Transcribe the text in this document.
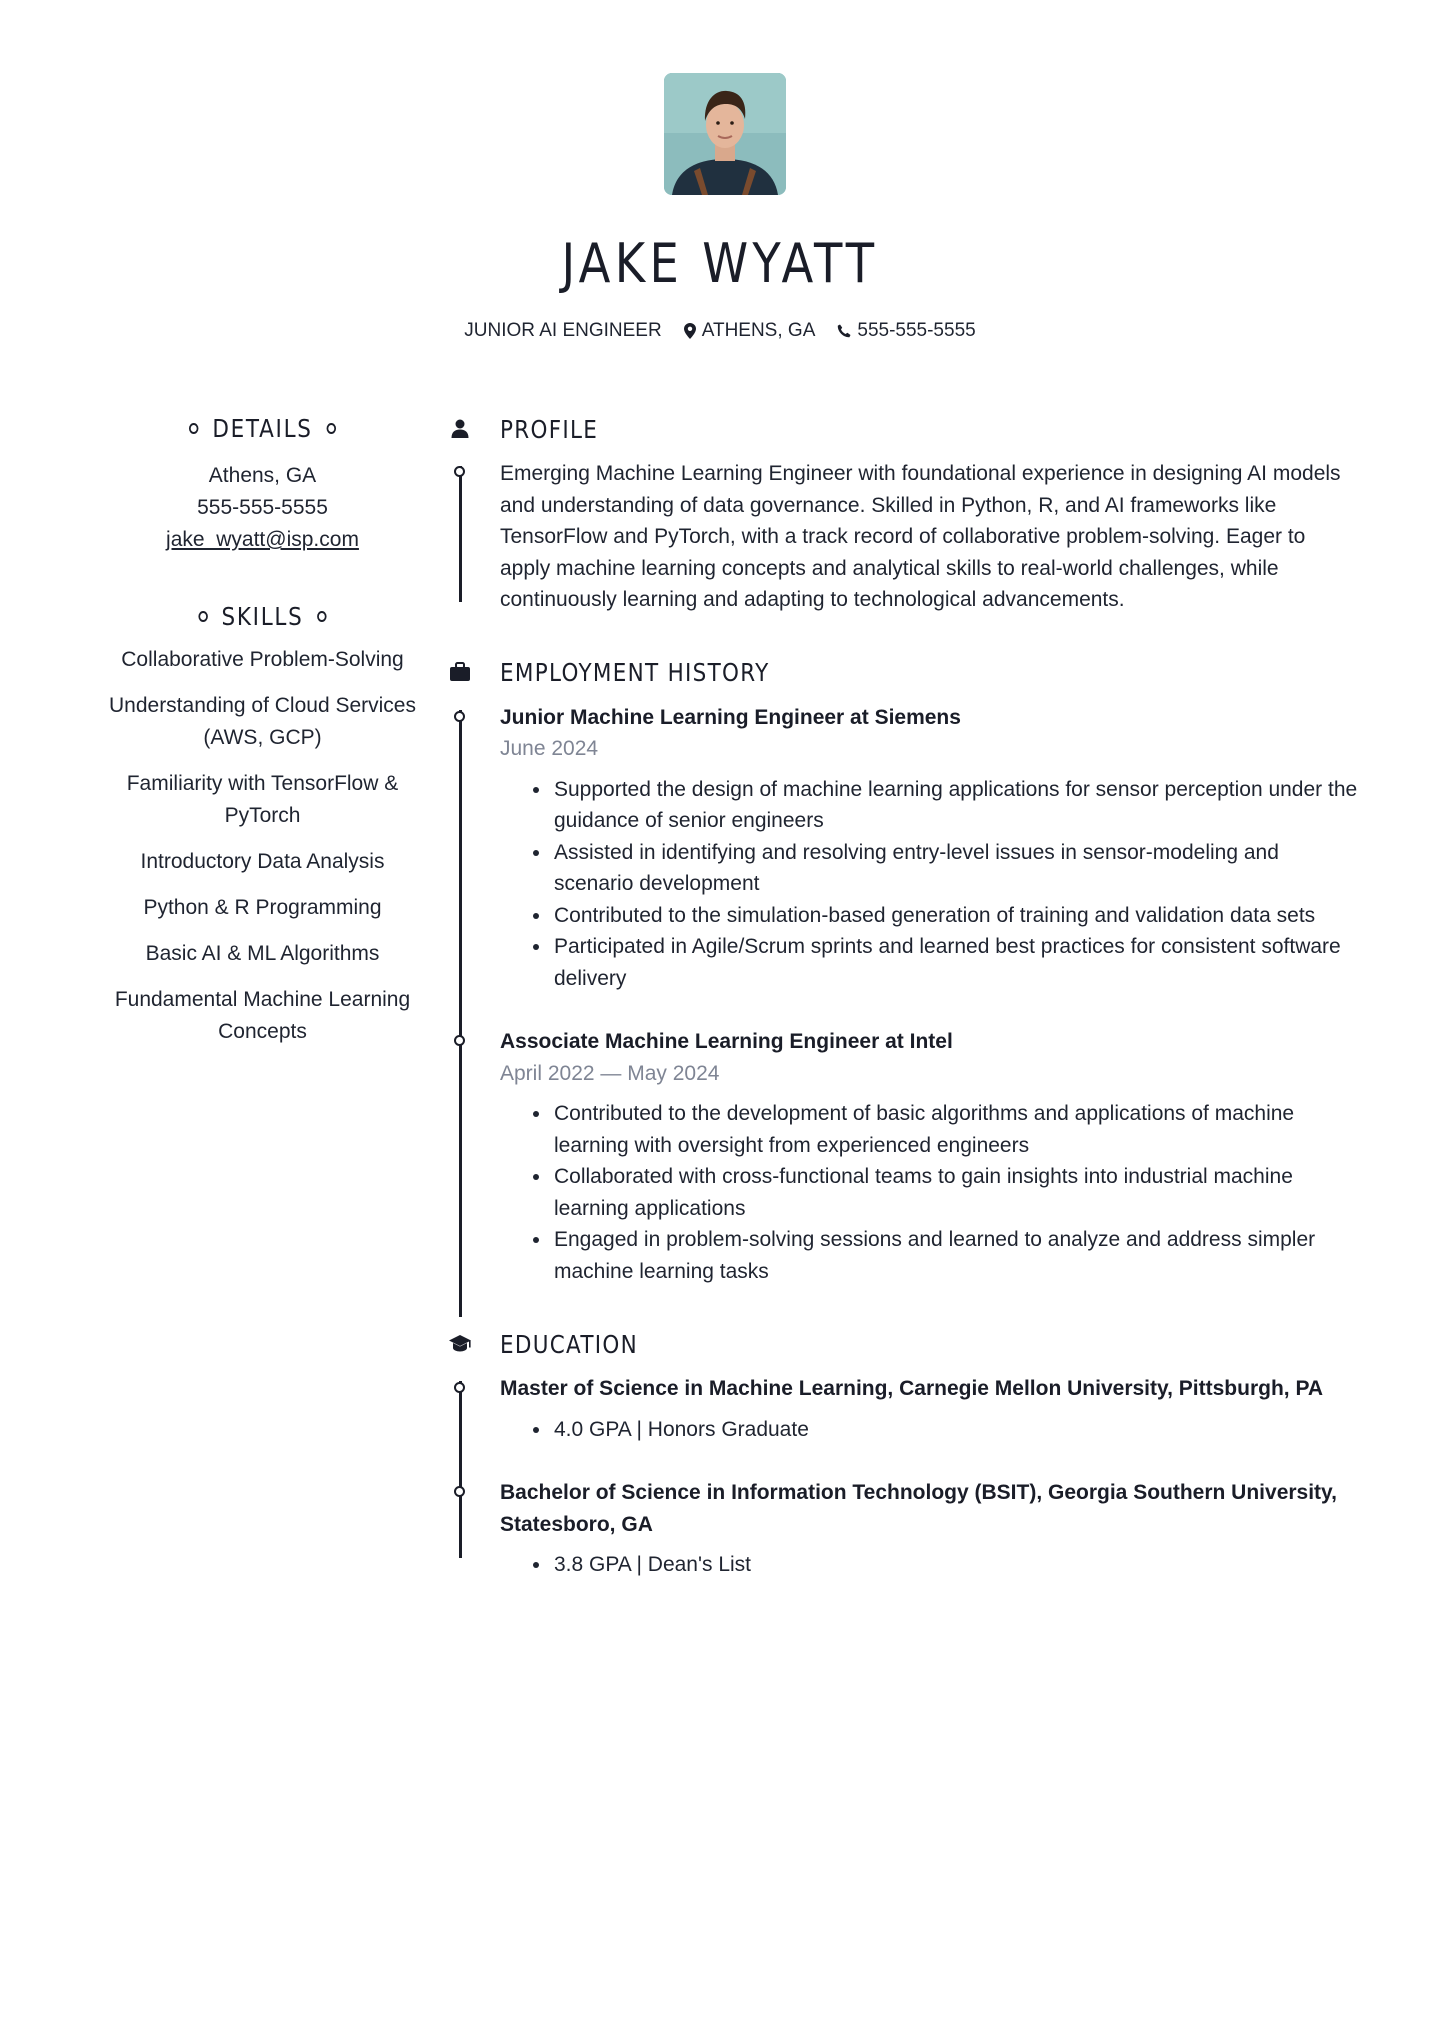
JAKE WYATT
JUNIOR AI ENGINEER ATHENS, GA 555-555-5555
DETAILS
Athens, GA
555-555-5555
jake_wyatt@isp.com
SKILLS
Collaborative Problem-Solving
Understanding of Cloud Services (AWS, GCP)
Familiarity with TensorFlow & PyTorch
Introductory Data Analysis
Python & R Programming
Basic AI & ML Algorithms
Fundamental Machine Learning Concepts
PROFILE

Emerging Machine Learning Engineer with foundational experience in designing AI models and understanding of data governance. Skilled in Python, R, and AI frameworks like TensorFlow and PyTorch, with a track record of collaborative problem-solving. Eager to apply machine learning concepts and analytical skills to real-world challenges, while continuously learning and adapting to technological advancements.

EMPLOYMENT HISTORY
Junior Machine Learning Engineer at Siemens
June 2024
• Supported the design of machine learning applications for sensor perception under the guidance of senior engineers
• Assisted in identifying and resolving entry-level issues in sensor-modeling and scenario development
• Contributed to the simulation-based generation of training and validation data sets
• Participated in Agile/Scrum sprints and learned best practices for consistent software delivery
Associate Machine Learning Engineer at Intel
April 2022 — May 2024
• Contributed to the development of basic algorithms and applications of machine learning with oversight from experienced engineers
• Collaborated with cross-functional teams to gain insights into industrial machine learning applications
• Engaged in problem-solving sessions and learned to analyze and address simpler machine learning tasks
EDUCATION
Master of Science in Machine Learning, Carnegie Mellon University, Pittsburgh, PA
• 4.0 GPA | Honors Graduate
Bachelor of Science in Information Technology (BSIT), Georgia Southern University, Statesboro, GA
• 3.8 GPA | Dean's List
